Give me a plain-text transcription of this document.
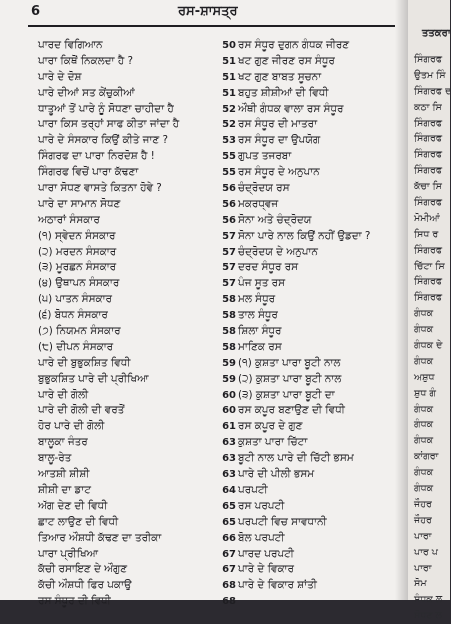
6	ਰਸ-ਸ਼ਾਸਤ੍ਰ
ਪਾਰਦ ਵਿਗਿਆਨ
ਪਾਰਾ ਕਿਥੋਂ ਨਿਕਲਦਾ ਹੈ ?
ਪਾਰੇ ਦੇ ਦੋਸ਼
ਪਾਰੇ ਦੀਆਂ ਸਤ ਕੇਂਚੁਕੀਆਂ
ਧਾਤੂਆਂ ਤੋਂ ਪਾਰੇ ਨੂੰ ਸੋਧਣਾ ਚਾਹੀਦਾ ਹੈ
ਪਾਰਾ ਕਿਸ ਤਰ੍ਹਾਂ ਸਾਫ ਕੀਤਾ ਜਾਂਦਾ ਹੈ
ਪਾਰੇ ਦੇ ਸੰਸਕਾਰ ਕਿਉਂ ਕੀਤੇ ਜਾਣ ?
ਸਿੰਗਰਫ ਦਾ ਪਾਰਾ ਨਿਰਦੋਸ਼ ਹੈ !
ਸਿੰਗਰਫ ਵਿਚੋਂ ਪਾਰਾ ਕੱਢਣਾ
ਪਾਰਾ ਸੋਧਣ ਵਾਸਤੇ ਕਿਤਨਾ ਹੋਵੇ ?
ਪਾਰੇ ਦਾ ਸਾਮਾਨ ਸੋਧਣ
ਅਠਾਰਾਂ ਸੰਸਕਾਰ
(੧) ਸ੍ਵੇਦਨ ਸੰਸਕਾਰ
(੨) ਮਰਦਨ ਸੰਸਕਾਰ
(੩) ਮੂਰਛਨ ਸੰਸਕਾਰ
(੪) ਉਥਾਪਨ ਸੰਸਕਾਰ
(੫) ਪਾਤਨ ਸੰਸਕਾਰ
(੬) ਬੋਧਨ ਸੰਸਕਾਰ
(੭) ਨਿਯਮਨ ਸੰਸਕਾਰ
(੮) ਦੀਪਨ ਸੰਸਕਾਰ
ਪਾਰੇ ਦੀ ਬੁਭੁਕਸ਼ਿਤ ਵਿਧੀ
ਬੁਭੁਕਸ਼ਿਤ ਪਾਰੇ ਦੀ ਪ੍ਰੀਖਿਆ
ਪਾਰੇ ਦੀ ਗੋਲੀ
ਪਾਰੇ ਦੀ ਗੋਲੀ ਦੀ ਵਰਤੋਂ
ਹੋਰ ਪਾਰੇ ਦੀ ਗੋਲੀ
ਬਾਲੂਕਾ ਜੰਤਰ
ਬਾਲੂ-ਰੇਤ
ਆਤਸ਼ੀ ਸ਼ੀਸ਼ੀ
ਸ਼ੀਸ਼ੀ ਦਾ ਡਾਟ
ਅੱਗ ਦੇਣ ਦੀ ਵਿਧੀ
ਛਾਟ ਲਾਉਣ ਦੀ ਵਿਧੀ
ਤਿਆਰ ਔਸ਼ਧੀ ਕੱਢਣ ਦਾ ਤਰੀਕਾ
ਪਾਰਾ ਪ੍ਰੀਖਿਆ
ਕੱਚੀ ਰਸਾਇਣ ਦੇ ਔਗੁਣ
ਕੱਚੀ ਔਸ਼ਧੀ ਫਿਰ ਪਕਾਉ
ਰਸ ਸੰਧੂਰ ਦੀ ਵਿਧੀ
50
51
51
51
52
52
53
55
55
56
56
56
57
57
57
57
58
58
58
58
59
59
60
60
61
63
63
63
64
65
65
66
67
67
68
68
ਰਸ ਸੰਧੂਰ ਦੁਗਨ ਗੰਧਕ ਜੀਰਣ
ਖਟ ਗੁਣ ਜੀਰਣ ਰਸ ਸੰਧੂਰ
ਖਟ ਗੁਣ ਬਾਬਤ ਸੂਚਨਾ
ਬਹੁਤ ਸ਼ੀਸ਼ੀਆਂ ਦੀ ਵਿਧੀ
ਔਥੀ ਗੰਧਕ ਵਾਲਾ ਰਸ ਸੰਧੂਰ
ਰਸ ਸੰਧੂਰ ਦੀ ਮਾਤਰਾ
ਰਸ ਸੰਧੂਰ ਦਾ ਉਪਯੋਗ
ਗੁਪਤ ਤਜਰਬਾ
ਰਸ ਸੰਧੂਰ ਦੇ ਅਨੁਪਾਨ
ਚੰਦ੍ਰੋਦਯ ਰਸ
ਮਕਰਧ੍ਵਜ
ਸੋਨਾ ਅਤੇ ਚੰਦ੍ਰੋਦਯ
ਸੋਨਾ ਪਾਰੇ ਨਾਲ ਕਿਉਂ ਨਹੀਂ ਉਡਦਾ ?
ਚੰਦ੍ਰੋਦਯ ਦੇ ਅਨੁਪਾਨ
ਦਰਦ ਸੰਧੂਰ ਰਸ
ਪੰਜ ਸੂਤ ਰਸ
ਮਲ ਸੰਧੂਰ
ਤਾਲ ਸੰਧੂਰ
ਸ਼ਿਲਾ ਸੰਧੂਰ
ਮਾਣਿਕ ਰਸ
(੧) ਕੁਸ਼ਤਾ ਪਾਰਾ ਬੂਟੀ ਨਾਲ
(੨) ਕੁਸ਼ਤਾ ਪਾਰਾ ਬੂਟੀ ਨਾਲ
(੩) ਕੁਸ਼ਤਾ ਪਾਰਾ ਬੂਟੀ ਦਾ
ਰਸ ਕਪੂਰ ਬਣਾਉਣ ਦੀ ਵਿਧੀ
ਰਸ ਕਪੂਰ ਦੇ ਗੁਣ
ਕੁਸ਼ਤਾ ਪਾਰਾ ਚਿੱਟਾ
ਬੂਟੀ ਨਾਲ ਪਾਰੇ ਦੀ ਚਿੱਟੀ ਭਸਮ
ਪਾਰੇ ਦੀ ਪੀਲੀ ਭਸਮ
ਪਰਪਟੀ
ਰਸ ਪਰਪਟੀ
ਪਰਪਟੀ ਵਿਚ ਸਾਵਧਾਨੀ
ਬੋਲ ਪਰਪਟੀ
ਪਾਰਦ ਪਰਪਟੀ
ਪਾਰੇ ਦੇ ਵਿਕਾਰ
ਪਾਰੇ ਦੇ ਵਿਕਾਰ ਸ਼ਾਂਤੀ
ਤਤਕਰਾ
ਸਿੰਗਰਫ
ਉਤਮ ਸਿੰ
ਸਿੰਗਰਫ ਦ
ਕਠਾ ਸਿ
ਸਿੰਗਰਫ
ਸਿੰਗਰਫ
ਸਿੰਗਰਫ
ਸਿੰਗਰਫ
ਕੱਚਾ ਸਿ
ਸਿੰਗਰਫ
ਮੋਮੀਆਂ
ਸਿਧ ਰ
ਸਿੰਗਰਫ
ਚਿੱਟਾ ਸਿ
ਸਿੰਗਰਫ
ਸਿੰਗਰਫ
ਗੰਧਕ
ਗੰਧਕ
ਗੰਧਕ ਦੇ
ਗੰਧਕ
ਅਸ਼ੁਧ
ਸ਼ੁਧ ਗੰ
ਗੰਧਕ
ਗੰਧਕ
ਗੰਧਕ
ਕਾਂਗਰਾ
ਗੰਧਕ
ਗੰਧਕ
ਜੌਹਰ
ਜੌਹਰ
ਪਾਰਾ
ਪਾਰ ਪ
ਪਾਰਾ
ਸੋਮ
ਸੰਧਕ ਲ
ਸੋਧਣ ਲ
